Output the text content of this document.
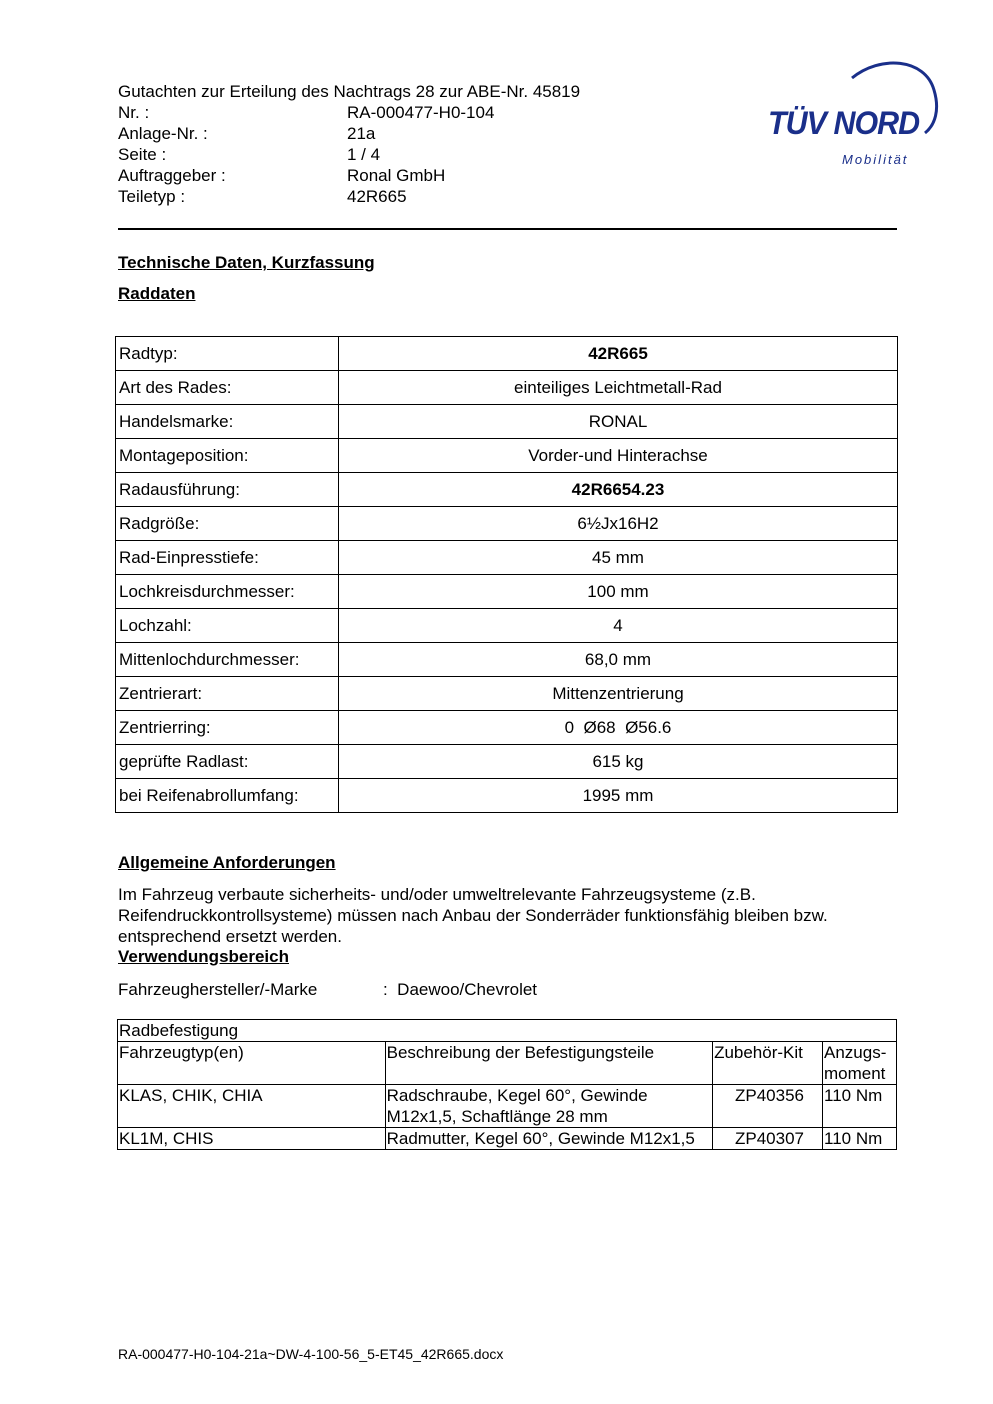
Gutachten zur Erteilung des Nachtrags 28 zur ABE-Nr. 45819
Nr. :	RA-000477-H0-104
Anlage-Nr. :	21a
Seite :	1 / 4
Auftraggeber :	Ronal GmbH
Teiletyp :	42R665
TÜV NORD
Mobilität
Technische Daten, Kurzfassung
Raddaten
Radtyp:	42R665
Art des Rades:	einteiliges Leichtmetall-Rad
Handelsmarke:	RONAL
Montageposition:	Vorder-und Hinterachse
Radausführung:	42R6654.23
Radgröße:	6½Jx16H2
Rad-Einpresstiefe:	45 mm
Lochkreisdurchmesser:	100 mm
Lochzahl:	4
Mittenlochdurchmesser:	68,0 mm
Zentrierart:	Mittenzentrierung
Zentrierring:	0  Ø68  Ø56.6
geprüfte Radlast:	615 kg
bei Reifenabrollumfang:	1995 mm
Allgemeine Anforderungen
Im Fahrzeug verbaute sicherheits- und/oder umweltrelevante Fahrzeugsysteme (z.B. Reifendruckkontrollsysteme) müssen nach Anbau der Sonderräder funktionsfähig bleiben bzw. entsprechend ersetzt werden.
Verwendungsbereich
Fahrzeughersteller/-Marke	:  Daewoo/Chevrolet
Radbefestigung			
Fahrzeugtyp(en)	Beschreibung der Befestigungsteile	Zubehör-Kit	Anzugs-moment
KLAS, CHIK, CHIA	Radschraube, Kegel 60°, Gewinde M12x1,5, Schaftlänge 28 mm	ZP40356	110 Nm
KL1M, CHIS	Radmutter, Kegel 60°, Gewinde M12x1,5	ZP40307	110 Nm
RA-000477-H0-104-21a~DW-4-100-56_5-ET45_42R665.docx
